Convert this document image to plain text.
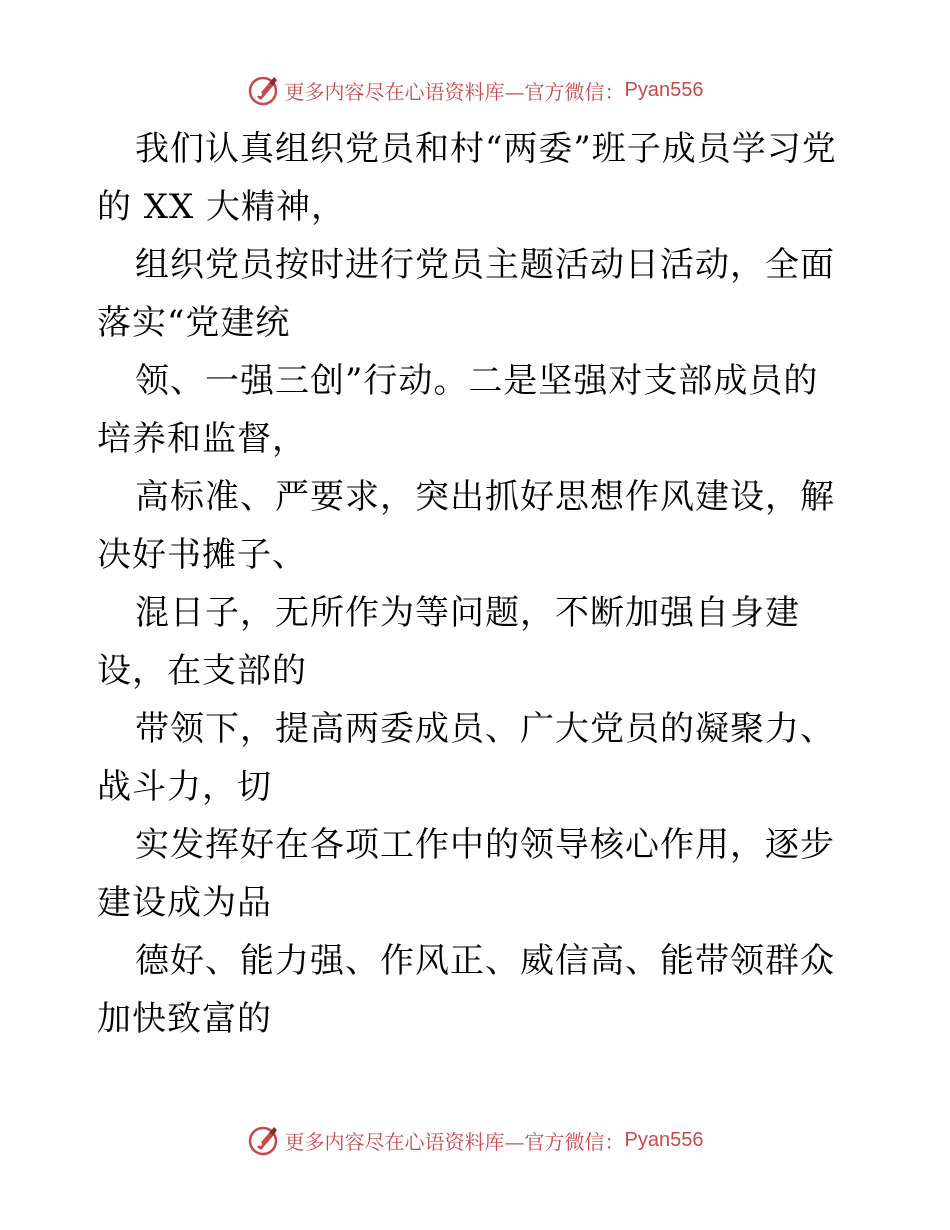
更多内容尽在心语资料库—官方微信： Pyan556

我们认真组织党员和村“两委”班子成员学习党的 XX 大精神，

组织党员按时进行党员主题活动日活动，全面落实“党建统

领、一强三创”行动。二是坚强对支部成员的培养和监督，

高标准、严要求，突出抓好思想作风建设，解决好书摊子、

混日子，无所作为等问题，不断加强自身建设，在支部的

带领下，提高两委成员、广大党员的凝聚力、战斗力，切

实发挥好在各项工作中的领导核心作用，逐步建设成为品

德好、能力强、作风正、威信高、能带领群众加快致富的

更多内容尽在心语资料库—官方微信： Pyan556
